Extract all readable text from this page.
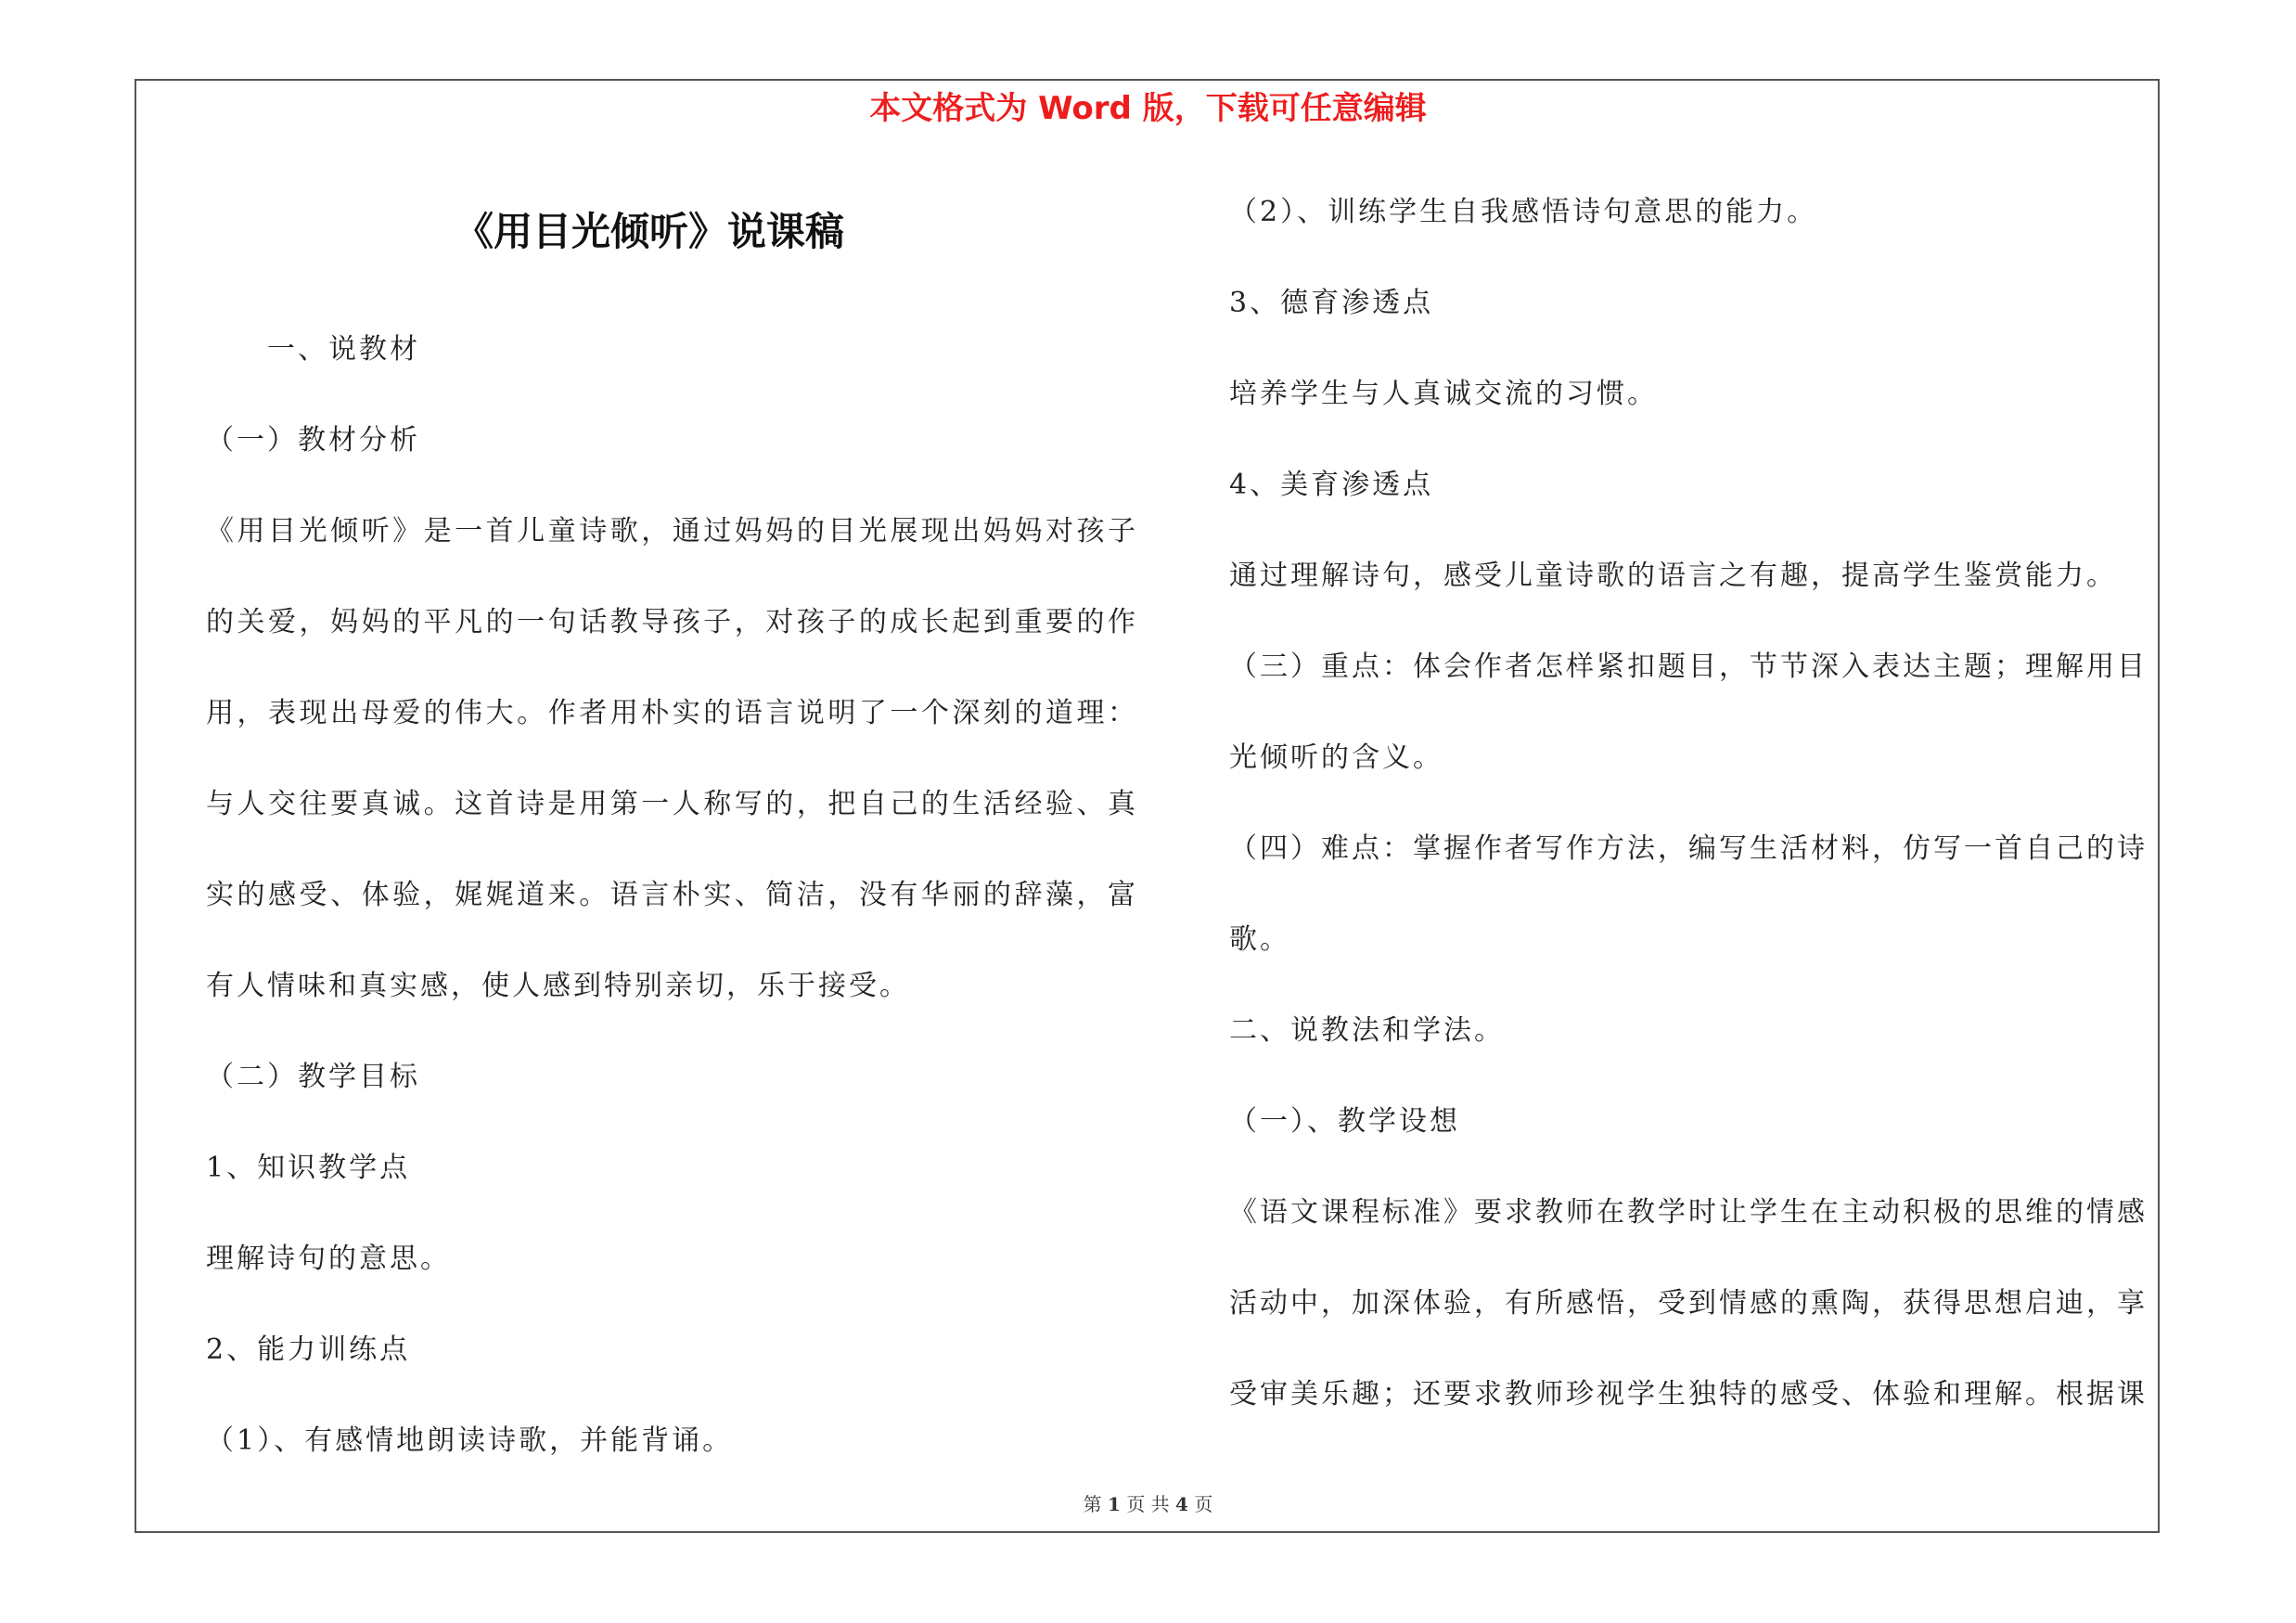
本文格式为 Word 版，下载可任意编辑
《用目光倾听》说课稿
一、说教材
（一）教材分析
《用目光倾听》是一首儿童诗歌，通过妈妈的目光展现出妈妈对孩子
的关爱，妈妈的平凡的一句话教导孩子，对孩子的成长起到重要的作
用，表现出母爱的伟大。作者用朴实的语言说明了一个深刻的道理：
与人交往要真诚。这首诗是用第一人称写的，把自己的生活经验、真
实的感受、体验，娓娓道来。语言朴实、简洁，没有华丽的辞藻，富
有人情味和真实感，使人感到特别亲切，乐于接受。
（二）教学目标
1、知识教学点
理解诗句的意思。
2、能力训练点
（1）、有感情地朗读诗歌，并能背诵。
（2）、训练学生自我感悟诗句意思的能力。
3、德育渗透点
培养学生与人真诚交流的习惯。
4、美育渗透点
通过理解诗句，感受儿童诗歌的语言之有趣，提高学生鉴赏能力。
（三）重点：体会作者怎样紧扣题目，节节深入表达主题；理解用目
光倾听的含义。
（四）难点：掌握作者写作方法，编写生活材料，仿写一首自己的诗
歌。
二、说教法和学法。
（一）、教学设想
《语文课程标准》要求教师在教学时让学生在主动积极的思维的情感
活动中，加深体验，有所感悟，受到情感的熏陶，获得思想启迪，享
受审美乐趣；还要求教师珍视学生独特的感受、体验和理解。根据课
第 1 页 共 4 页
